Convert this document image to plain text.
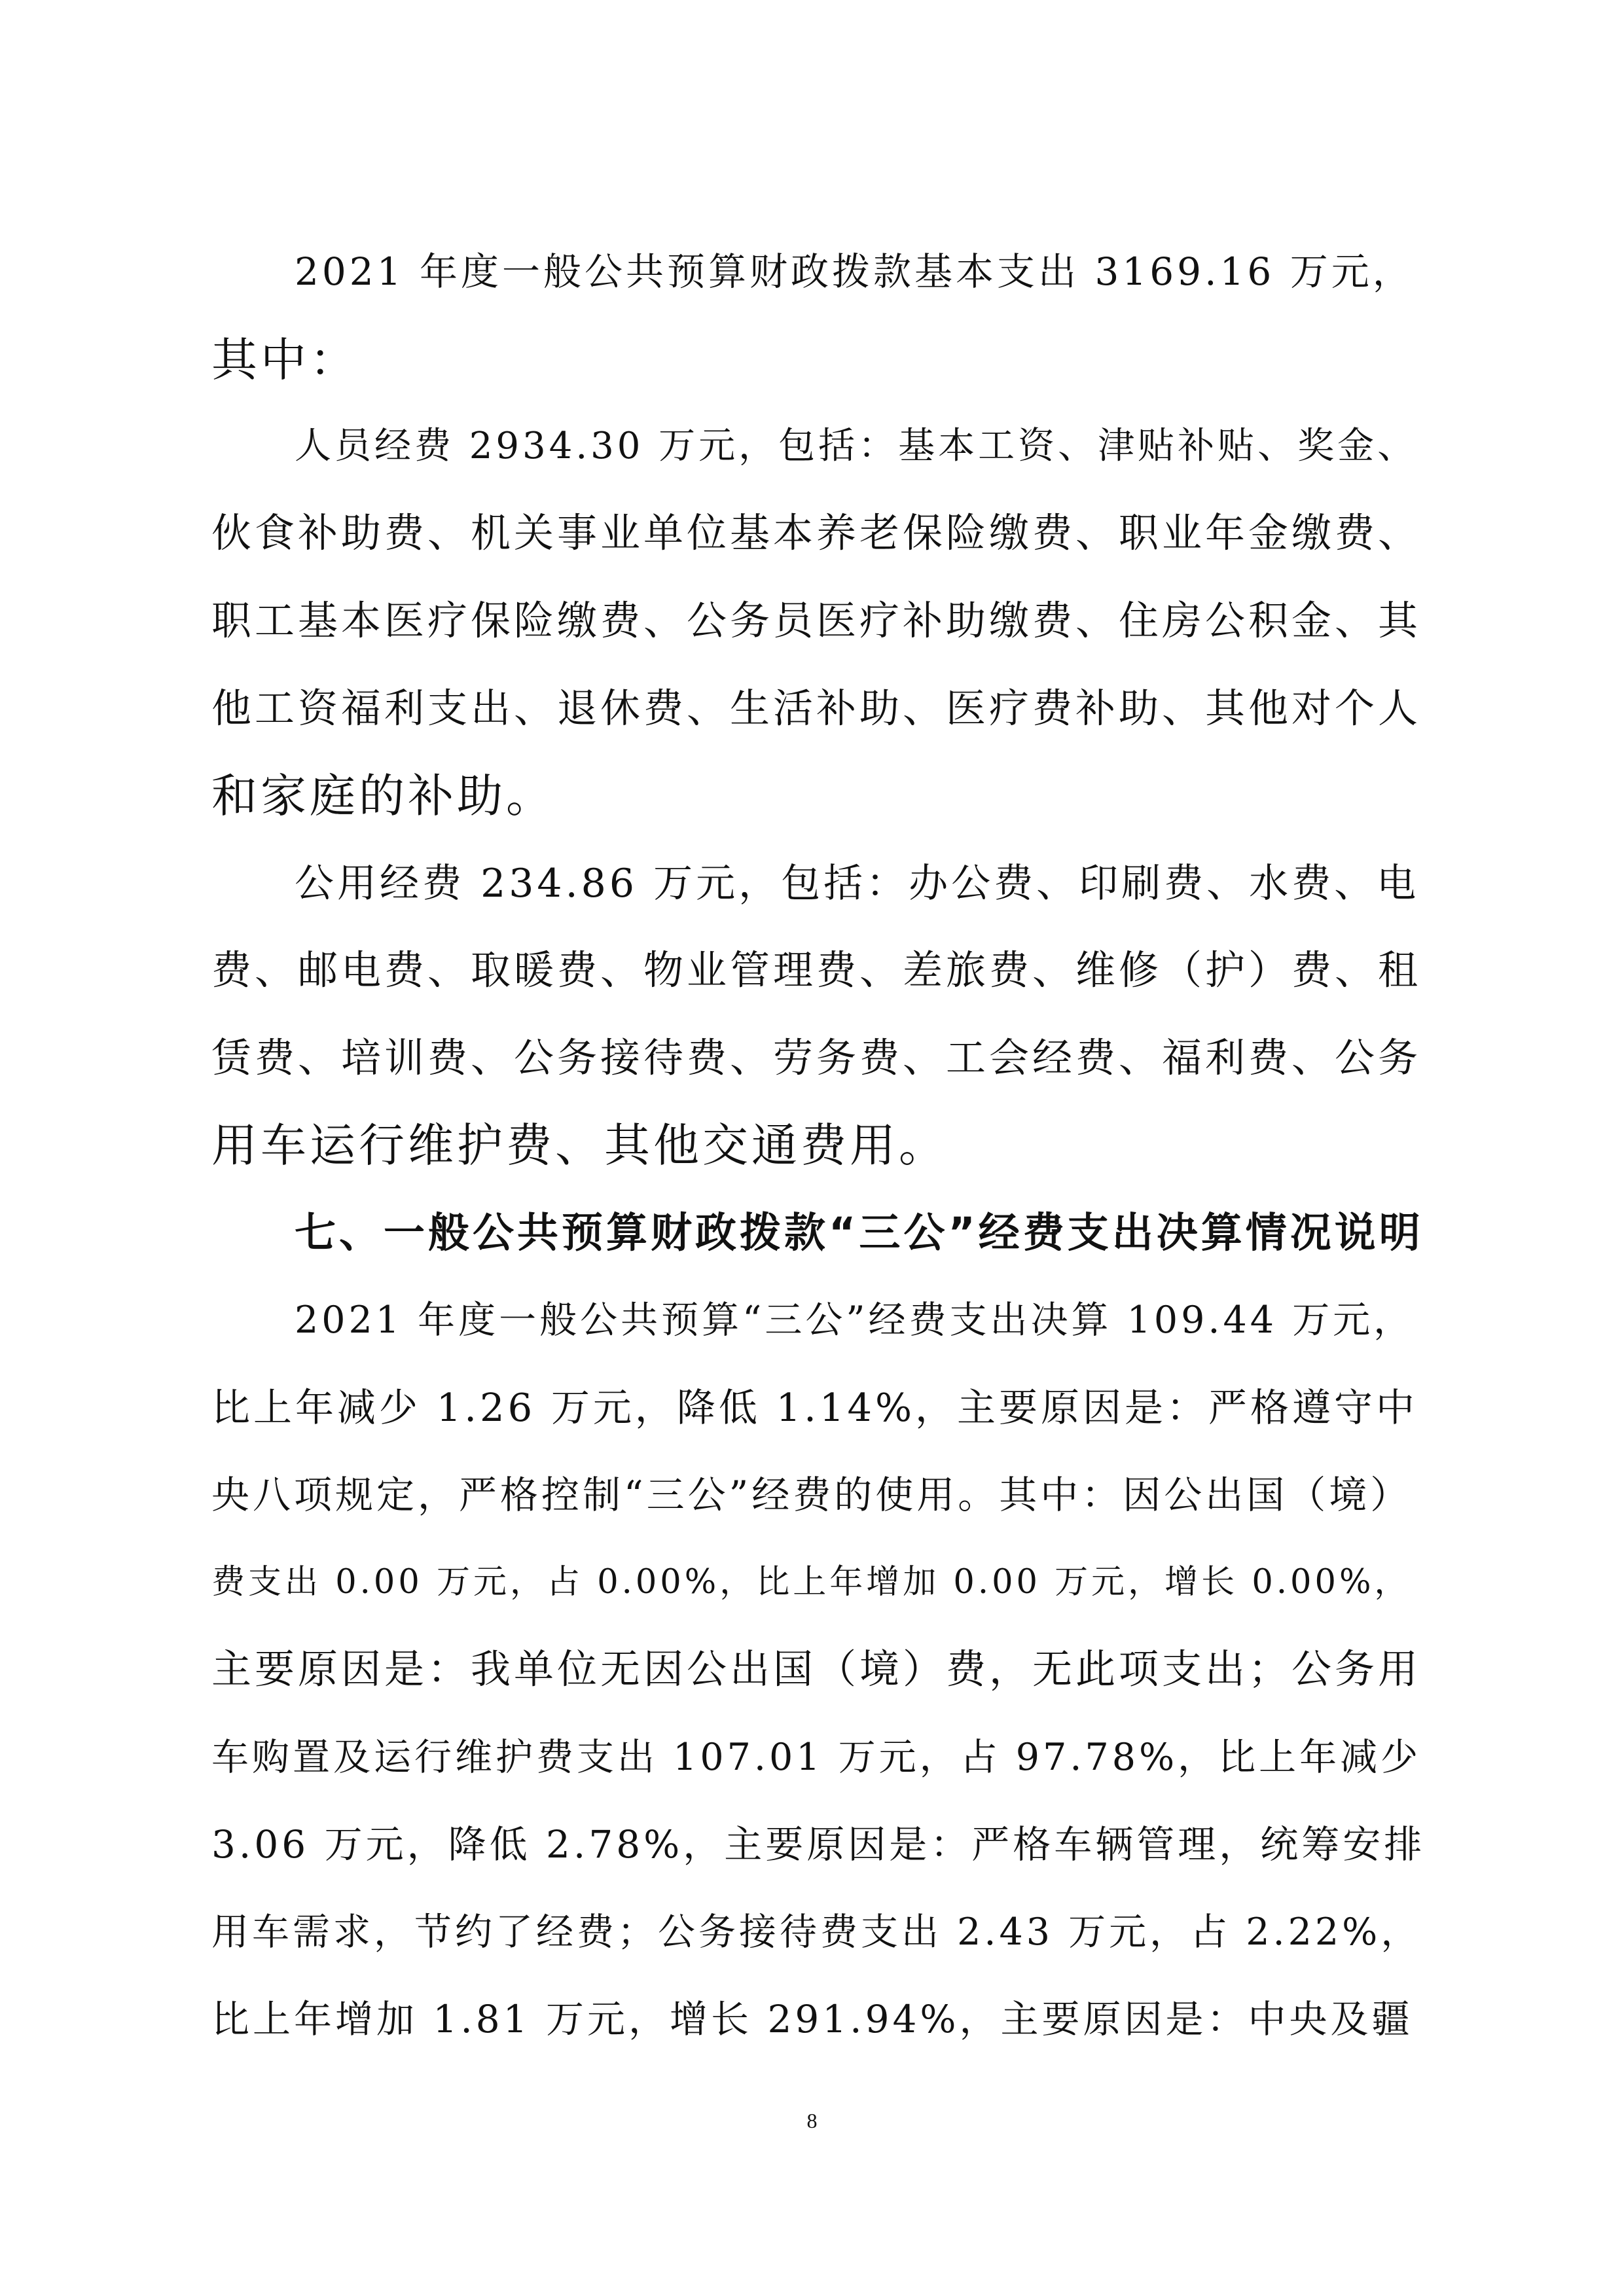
2021 年度一般公共预算财政拨款基本支出 3169.16 万元，
其中：
人员经费 2934.30 万元，包括：基本工资、津贴补贴、奖金、
伙食补助费、机关事业单位基本养老保险缴费、职业年金缴费、
职工基本医疗保险缴费、公务员医疗补助缴费、住房公积金、其
他工资福利支出、退休费、生活补助、医疗费补助、其他对个人
和家庭的补助。
公用经费 234.86 万元，包括：办公费、印刷费、水费、电
费、邮电费、取暖费、物业管理费、差旅费、维修（护）费、租
赁费、培训费、公务接待费、劳务费、工会经费、福利费、公务
用车运行维护费、其他交通费用。
七、一般公共预算财政拨款“三公”经费支出决算情况说明
2021 年度一般公共预算“三公”经费支出决算 109.44 万元，
比上年减少 1.26 万元，降低 1.14%，主要原因是：严格遵守中
央八项规定，严格控制“三公”经费的使用。其中：因公出国（境）
费支出 0.00 万元，占 0.00%，比上年增加 0.00 万元，增长 0.00%，
主要原因是：我单位无因公出国（境）费，无此项支出；公务用
车购置及运行维护费支出 107.01 万元，占 97.78%，比上年减少
3.06 万元，降低 2.78%，主要原因是：严格车辆管理，统筹安排
用车需求，节约了经费；公务接待费支出 2.43 万元，占 2.22%，
比上年增加 1.81 万元，增长 291.94%，主要原因是：中央及疆
8
